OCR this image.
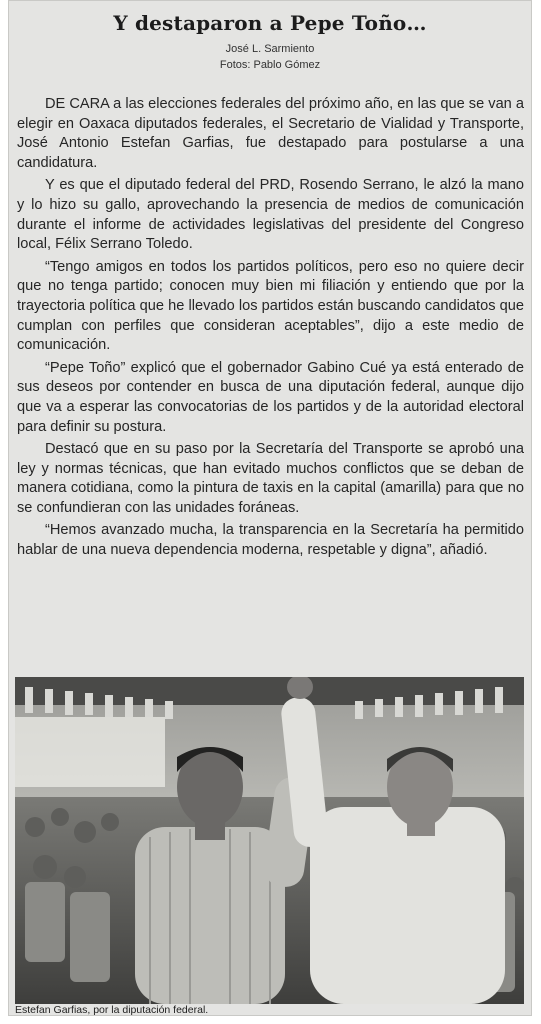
Y destaparon a Pepe Toño…
José L. Sarmiento
Fotos: Pablo Gómez

DE CARA a las elecciones federales del próximo año, en las que se van a elegir en Oaxaca diputados federales, el Secretario de Vialidad y Transporte, José Antonio Estefan Garfias, fue destapado para postularse a una candidatura.

Y es que el diputado federal del PRD, Rosendo Serrano, le alzó la mano y lo hizo su gallo, aprovechando la presencia de medios de comunicación durante el informe de actividades legislativas del presidente del Congreso local, Félix Serrano Toledo.

“Tengo amigos en todos los partidos políticos, pero eso no quiere decir que no tenga partido; conocen muy bien mi filiación y entiendo que por la trayectoria política que he llevado los partidos están buscando candidatos que cumplan con perfiles que consideran aceptables”, dijo a este medio de comunicación.

“Pepe Toño” explicó que el gobernador Gabino Cué ya está enterado de sus deseos por contender en busca de una diputación federal, aunque dijo que va a esperar las convocatorias de los partidos y de la autoridad electoral para definir su postura.

Destacó que en su paso por la Secretaría del Transporte se aprobó una ley y normas técnicas, que han evitado muchos conflictos que se deban de manera cotidiana, como la pintura de taxis en la capital (amarilla) para que no se confundieran con las unidades foráneas.

“Hemos avanzado mucha, la transparencia en la Secretaría ha permitido hablar de una nueva dependencia moderna, respetable y digna”, añadió.

Estefan Garfias, por la diputación federal.
